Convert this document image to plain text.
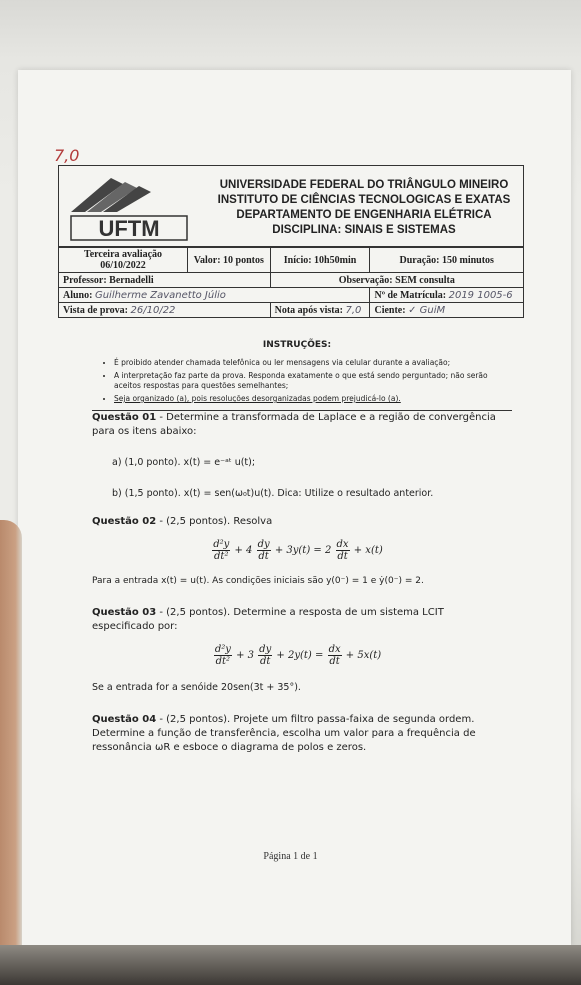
7,0
UFTM
UNIVERSIDADE FEDERAL DO TRIÂNGULO MINEIRO
INSTITUTO DE CIÊNCIAS TECNOLOGICAS E EXATAS
DEPARTAMENTO DE ENGENHARIA ELÉTRICA
DISCIPLINA: SINAIS E SISTEMAS
Terceira avaliação
06/10/2022	Valor: 10 pontos	Início: 10h50min	Duração: 150 minutos
Professor: Bernadelli		Observação: SEM consulta	
Aluno: Guilherme Zavanetto Júlio			Nº de Matrícula: 2019 1005-6
Vista de prova: 26/10/22		Nota após vista: 7,0	Ciente: ✓ GuiM
INSTRUÇÕES:
• É proibido atender chamada telefônica ou ler mensagens via celular durante a avaliação;
• A interpretação faz parte da prova. Responda exatamente o que está sendo perguntado; não serão aceitos respostas para questões semelhantes;
• Seja organizado (a), pois resoluções desorganizadas podem prejudicá-lo (a).

Questão 01 - Determine a transformada de Laplace e a região de convergência para os itens abaixo:

a) (1,0 ponto). x(t) = e⁻ᵃᵗ u(t);

b) (1,5 ponto). x(t) = sen(ω₀t)u(t). Dica: Utilize o resultado anterior.

Questão 02 - (2,5 pontos). Resolva

$\frac{\text{d²y}}{\text{dt²}} + 4 \frac{dy}{dt} + 3y(t) = 2 \frac{dx}{dt} + x(t)$

Para a entrada x(t) = u(t). As condições iniciais são y(0⁻) = 1 e ẏ(0⁻) = 2.

Questão 03 - (2,5 pontos). Determine a resposta de um sistema LCIT especificado por:

$\frac{\text{d²y}}{\text{dt²}} + 3 \frac{dy}{dt} + 2y(t) = \frac{dx}{dt} + 5x(t)$

Se a entrada for a senóide 20sen(3t + 35°).

Questão 04 - (2,5 pontos). Projete um filtro passa-faixa de segunda ordem. Determine a função de transferência, escolha um valor para a frequência de ressonância ωR e esboce o diagrama de polos e zeros.

Página 1 de 1
